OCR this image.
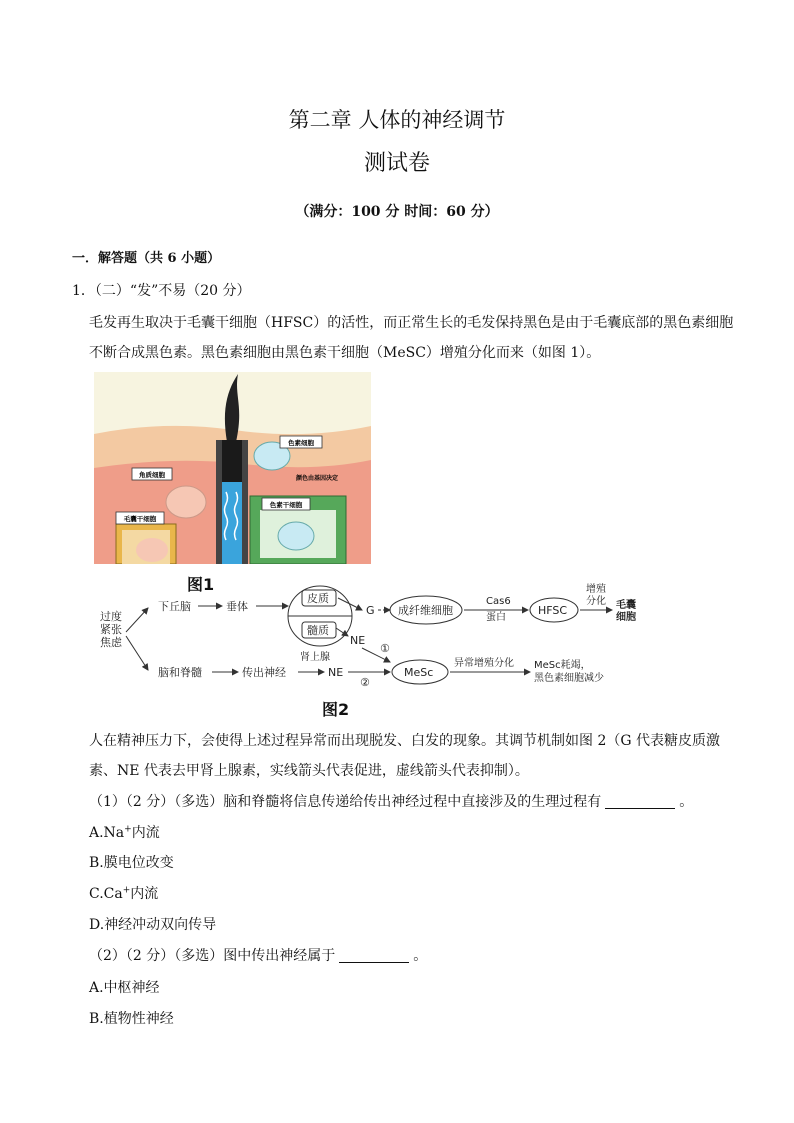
第二章 人体的神经调节
测试卷
（满分：100 分 时间：60 分）
一．解答题（共 6 小题）
1．（二）“发”不易（20 分）
毛发再生取决于毛囊干细胞（HFSC）的活性，而正常生长的毛发保持黑色是由于毛囊底部的黑色素细胞
不断合成黑色素。黑色素细胞由黑色素干细胞（MeSC）增殖分化而来（如图 1）。
角质细胞
色素细胞
颜色由基因决定
毛囊干细胞
色素干细胞
图1
过度
紧张
焦虑
下丘脑	垂体
皮质
髓质
肾上腺
G 成纤维细胞
Cas6
蛋白
HFSC
增殖
分化 毛囊
细胞
脑和脊髓	传出神经	NE
②
NE
①
MeSc
异常增殖分化 MeSc耗竭，
黑色素细胞减少
图2
人在精神压力下，会使得上述过程异常而出现脱发、白发的现象。其调节机制如图 2（G 代表糖皮质激
素、NE 代表去甲肾上腺素，实线箭头代表促进，虚线箭头代表抑制）。
（1）（2 分）（多选）脑和脊髓将信息传递给传出神经过程中直接涉及的生理过程有	。
A.Na+内流
B.膜电位改变
C.Ca+内流
D.神经冲动双向传导
（2）（2 分）（多选）图中传出神经属于	。
A.中枢神经
B.植物性神经
